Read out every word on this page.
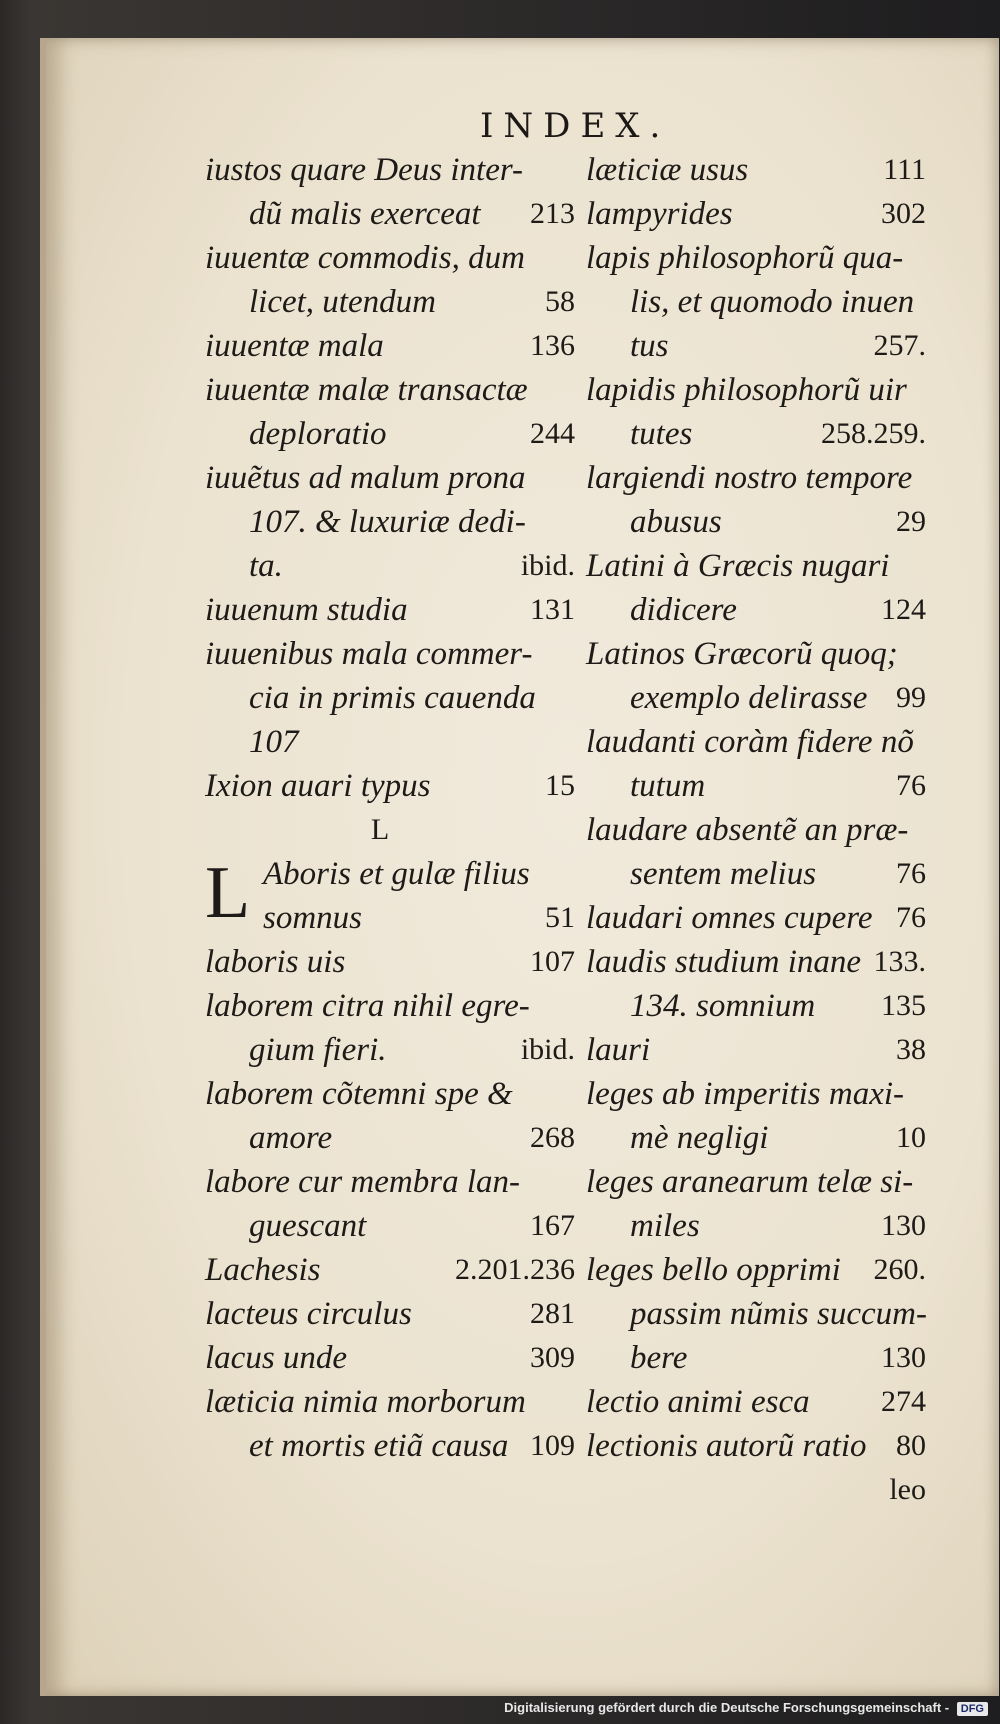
INDEX.
iustos quare Deus inter-
dũ malis exerceat 213
iuuentæ commodis, dum
licet, utendum	58
iuuentæ mala	136
iuuentæ malæ transactæ
deploratio	244
iuuẽtus ad malum prona
107. & luxuriæ dedi-
ta.	ibid.
iuuenum studia	131
iuuenibus mala commer-
cia in primis cauenda
107
Ixion auari typus	15
L
L Aboris et gulæ filius
somnus	51
laboris uis	107
laborem citra nihil egre-
gium fieri.	ibid.
laborem cõtemni spe &
amore	268
labore cur membra lan-
guescant	167
Lachesis	2.201.236
lacteus circulus	281
lacus unde	309
læticia nimia morborum
et mortis etiã causa 109
læticiæ usus	111
lampyrides	302
lapis philosophorũ qua-
lis, et quomodo inuen
tus	257.
lapidis philosophorũ uir
tutes	258.259.
largiendi nostro tempore
abusus	29
Latini à Græcis nugari
didicere	124
Latinos Græcorũ quoq;
exemplo delirasse 99
laudanti coràm fidere nõ
tutum	76
laudare absentẽ an præ-
sentem melius	76
laudari omnes cupere 76
laudis studium inane 133.
134. somnium 135
lauri	38
leges ab imperitis maxi-
mè negligi	10
leges aranearum telæ si-
miles	130
leges bello opprimi 260.
passim nũmis succum-
bere	130
lectio animi esca 274
lectionis autorũ ratio 80
leo
Digitalisierung gefördert durch die Deutsche Forschungsgemeinschaft - DFG
